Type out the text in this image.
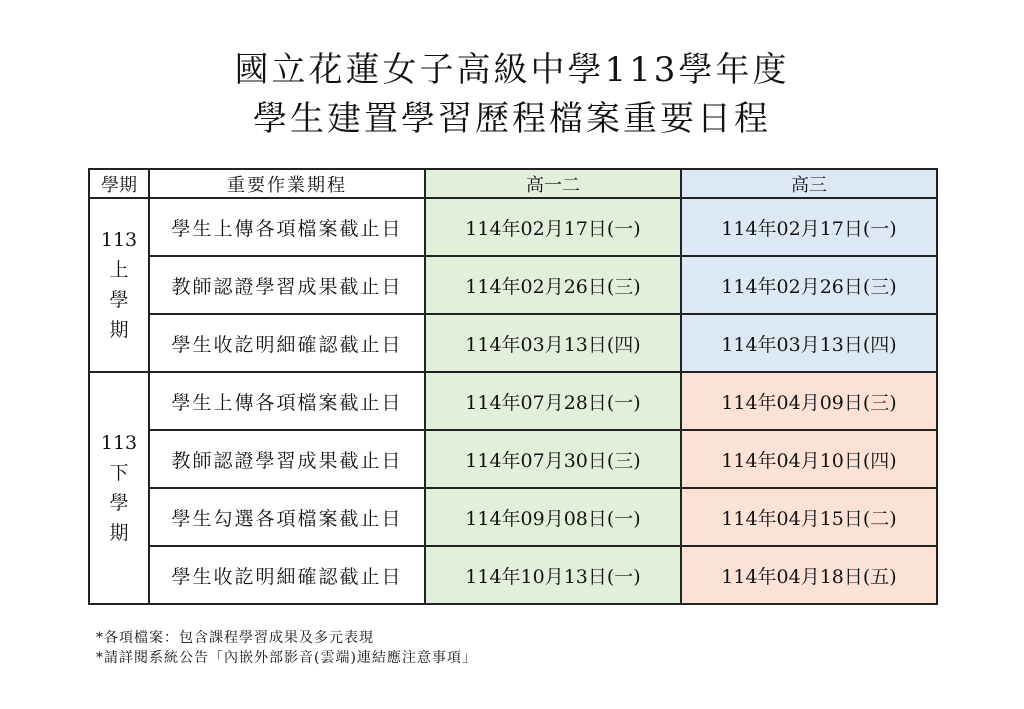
國立花蓮女子高級中學113學年度
學生建置學習歷程檔案重要日程
學期	重要作業期程	高一二	高三

113
上
學
期	學生上傳各項檔案截止日	114年02月17日(一)	114年02月17日(一)
	教師認證學習成果截止日	114年02月26日(三)	114年02月26日(三)
	學生收訖明細確認截止日	114年03月13日(四)	114年03月13日(四)

113
下
學
期	學生上傳各項檔案截止日	114年07月28日(一)	114年04月09日(三)
	教師認證學習成果截止日	114年07月30日(三)	114年04月10日(四)
	學生勾選各項檔案截止日	114年09月08日(一)	114年04月15日(二)
	學生收訖明細確認截止日	114年10月13日(一)	114年04月18日(五)
*各項檔案：包含課程學習成果及多元表現
*請詳閱系統公告「內嵌外部影音(雲端)連結應注意事項」
